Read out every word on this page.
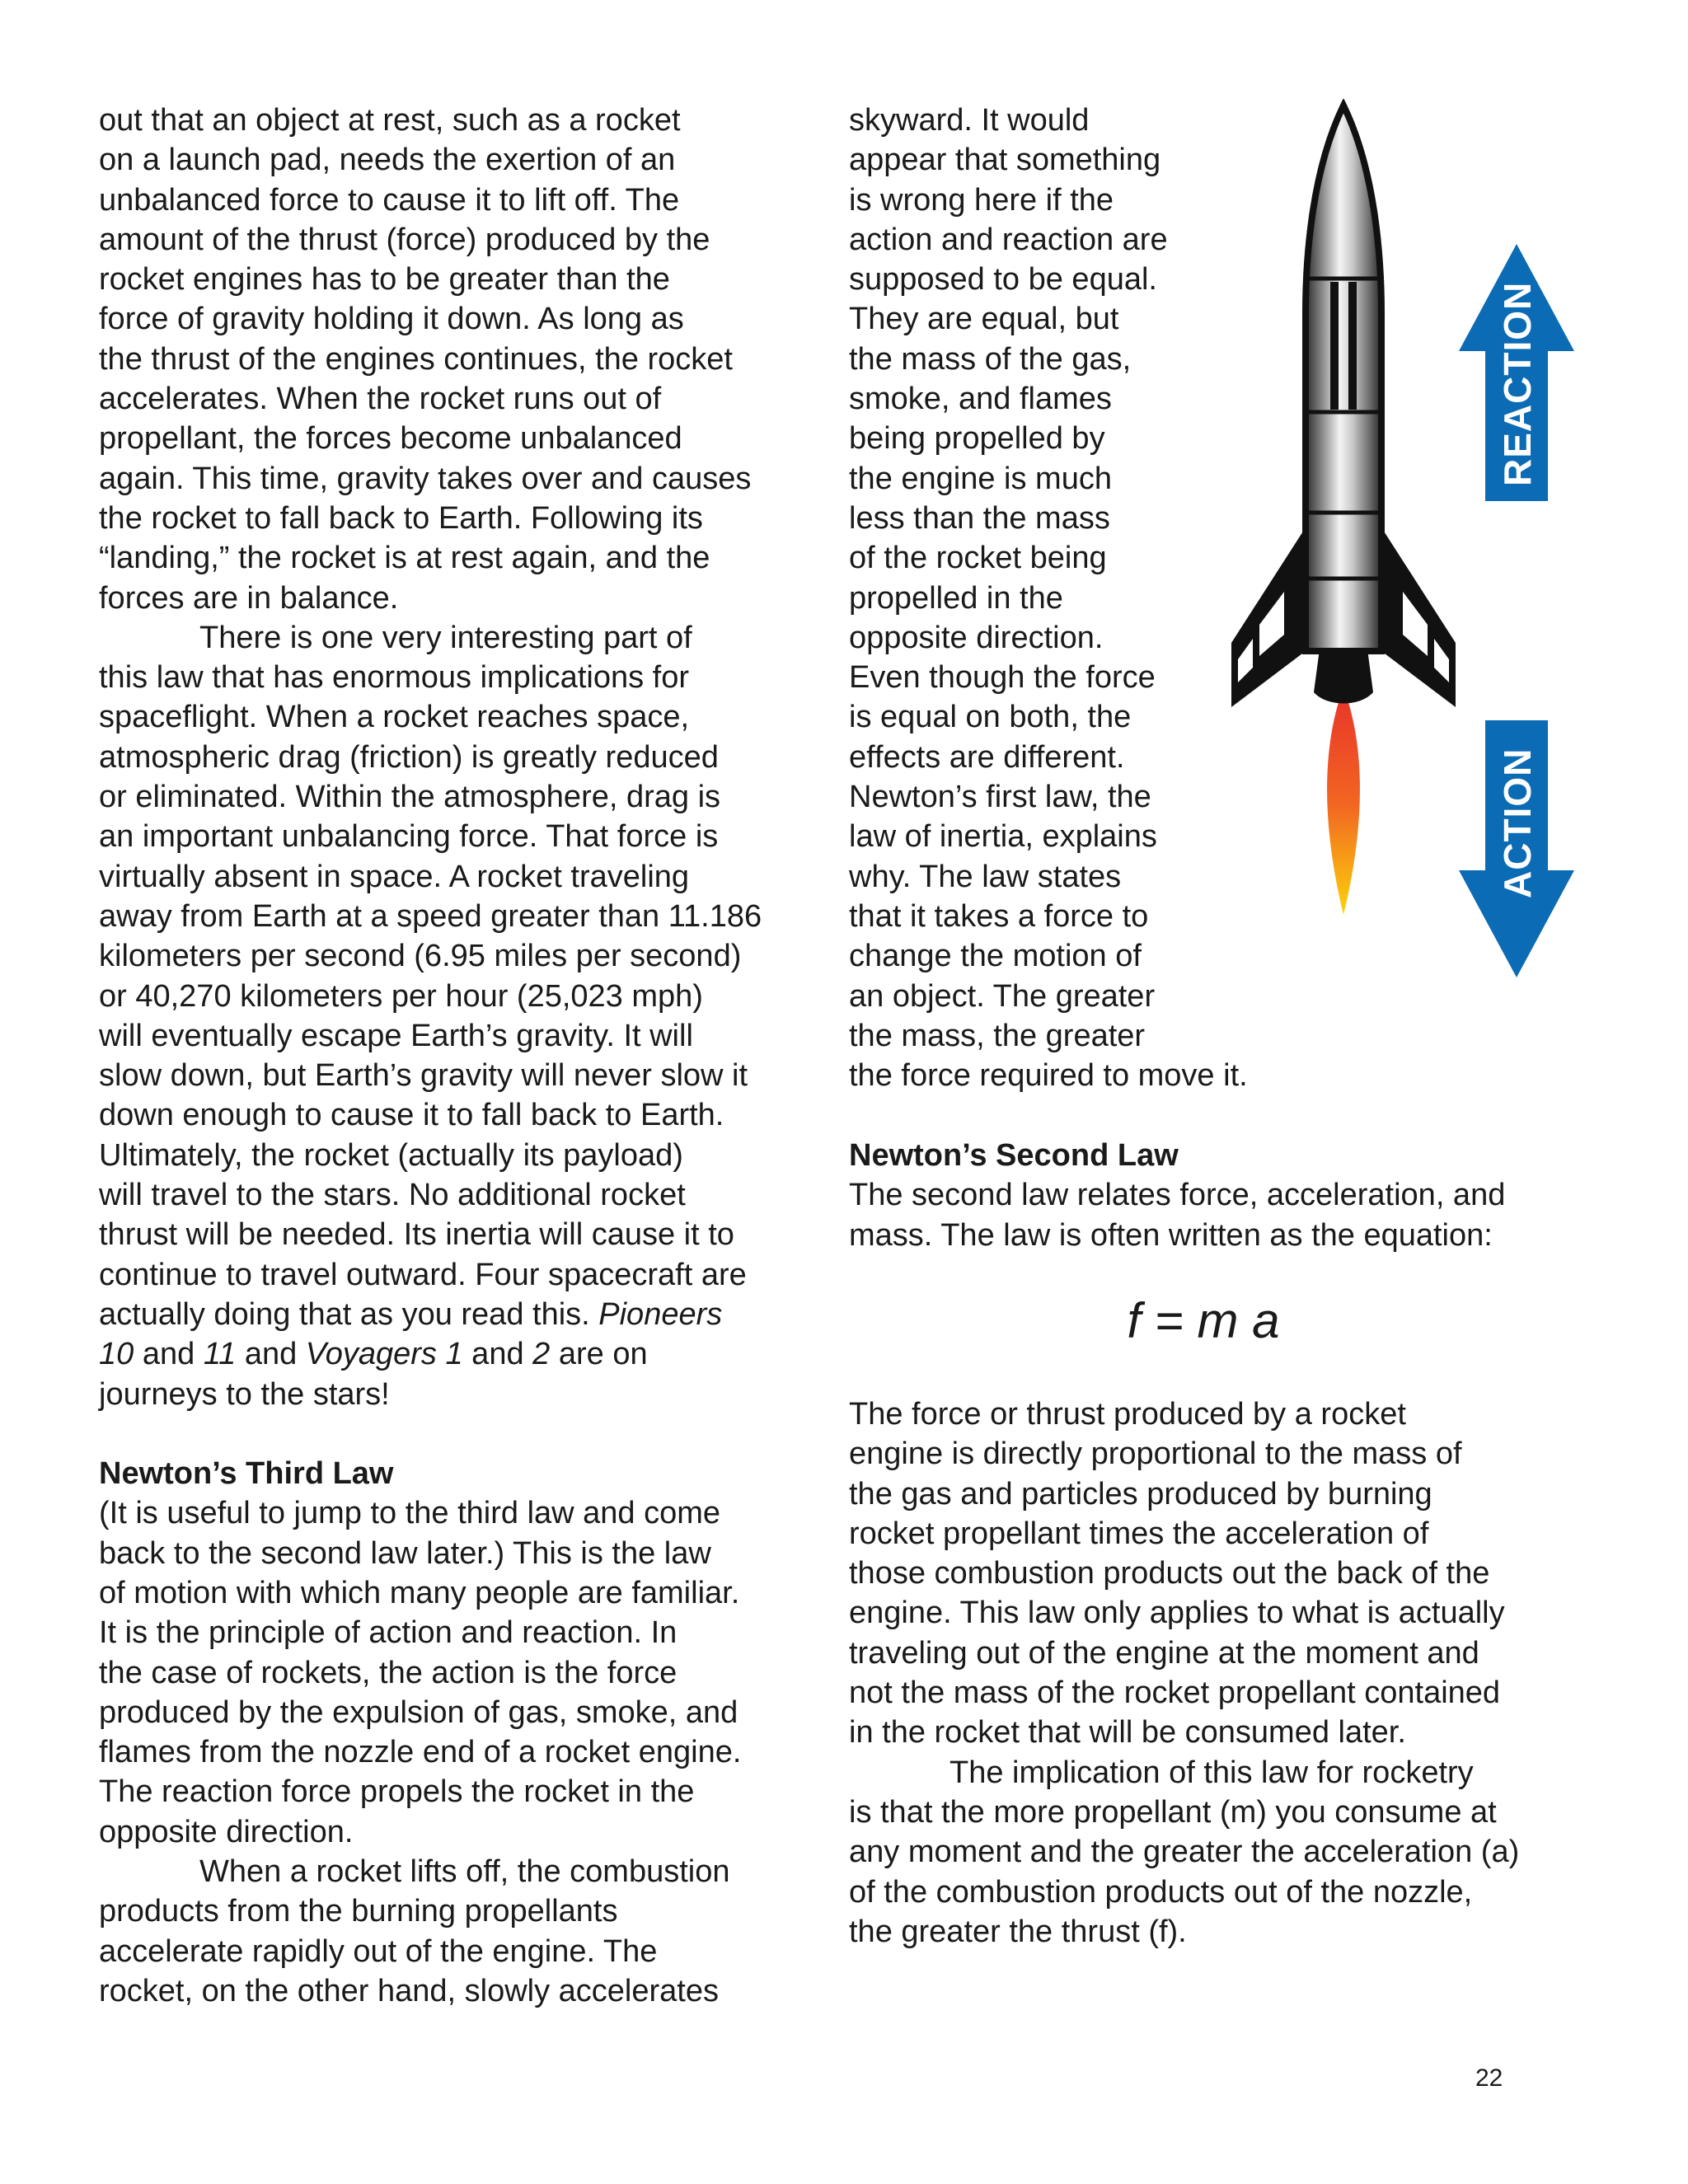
out that an object at rest, such as a rocket
on a launch pad, needs the exertion of an
unbalanced force to cause it to lift off. The
amount of the thrust (force) produced by the
rocket engines has to be greater than the
force of gravity holding it down. As long as
the thrust of the engines continues, the rocket
accelerates. When the rocket runs out of
propellant, the forces become unbalanced
again. This time, gravity takes over and causes
the rocket to fall back to Earth. Following its
“landing,” the rocket is at rest again, and the
forces are in balance.

There is one very interesting part of
this law that has enormous implications for
spaceflight. When a rocket reaches space,
atmospheric drag (friction) is greatly reduced
or eliminated. Within the atmosphere, drag is
an important unbalancing force. That force is
virtually absent in space. A rocket traveling
away from Earth at a speed greater than 11.186
kilometers per second (6.95 miles per second)
or 40,270 kilometers per hour (25,023 mph)
will eventually escape Earth’s gravity. It will
slow down, but Earth’s gravity will never slow it
down enough to cause it to fall back to Earth.
Ultimately, the rocket (actually its payload)
will travel to the stars. No additional rocket
thrust will be needed. Its inertia will cause it to
continue to travel outward. Four spacecraft are
actually doing that as you read this. Pioneers
10 and 11 and Voyagers 1 and 2 are on
journeys to the stars!

Newton’s Third Law

(It is useful to jump to the third law and come
back to the second law later.) This is the law
of motion with which many people are familiar.
It is the principle of action and reaction. In
the case of rockets, the action is the force
produced by the expulsion of gas, smoke, and
flames from the nozzle end of a rocket engine.
The reaction force propels the rocket in the
opposite direction.

When a rocket lifts off, the combustion
products from the burning propellants
accelerate rapidly out of the engine. The
rocket, on the other hand, slowly accelerates

skyward. It would
appear that something
is wrong here if the
action and reaction are
supposed to be equal.
They are equal, but
the mass of the gas,
smoke, and flames
being propelled by
the engine is much
less than the mass
of the rocket being
propelled in the
opposite direction.
Even though the force
is equal on both, the
effects are different.
Newton’s first law, the
law of inertia, explains
why. The law states
that it takes a force to
change the motion of
an object. The greater
the mass, the greater
the force required to move it.

REACTION
ACTION

Newton’s Second Law

The second law relates force, acceleration, and
mass. The law is often written as the equation:

f = m a

The force or thrust produced by a rocket
engine is directly proportional to the mass of
the gas and particles produced by burning
rocket propellant times the acceleration of
those combustion products out the back of the
engine. This law only applies to what is actually
traveling out of the engine at the moment and
not the mass of the rocket propellant contained
in the rocket that will be consumed later.

The implication of this law for rocketry
is that the more propellant (m) you consume at
any moment and the greater the acceleration (a)
of the combustion products out of the nozzle,
the greater the thrust (f).

22
